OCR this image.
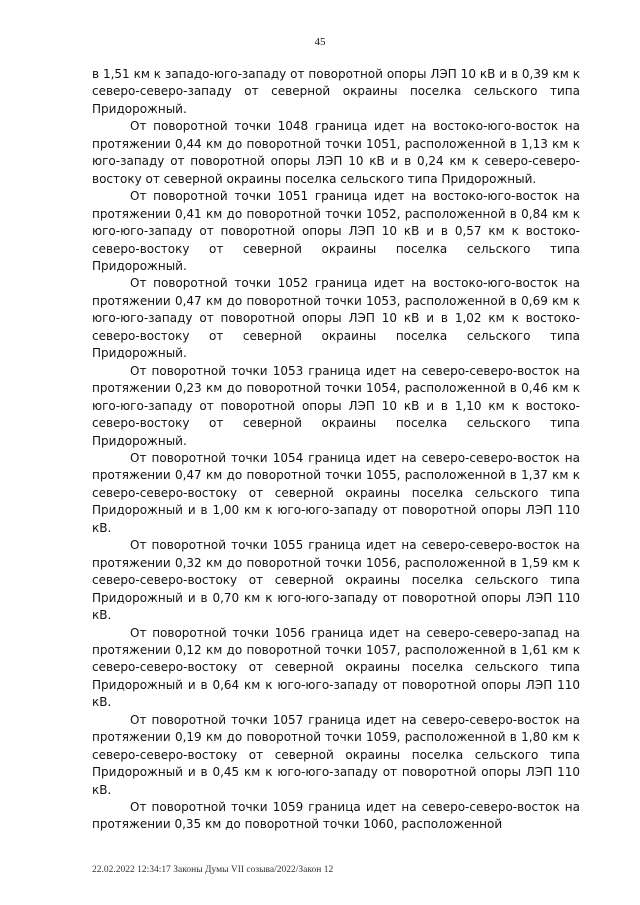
45

в 1,51 км к западо-юго-западу от поворотной опоры ЛЭП 10 кВ и в 0,39 км к северо-северо-западу от северной окраины поселка сельского типа Придорожный.

От поворотной точки 1048 граница идет на востоко-юго-восток на протяжении 0,44 км до поворотной точки 1051, расположенной в 1,13 км к юго-западу от поворотной опоры ЛЭП 10 кВ и в 0,24 км к северо-северо-востоку от северной окраины поселка сельского типа Придорожный.

От поворотной точки 1051 граница идет на востоко-юго-восток на протяжении 0,41 км до поворотной точки 1052, расположенной в 0,84 км к юго-юго-западу от поворотной опоры ЛЭП 10 кВ и в 0,57 км к востоко-северо-востоку от северной окраины поселка сельского типа Придорожный.

От поворотной точки 1052 граница идет на востоко-юго-восток на протяжении 0,47 км до поворотной точки 1053, расположенной в 0,69 км к юго-юго-западу от поворотной опоры ЛЭП 10 кВ и в 1,02 км к востоко-северо-востоку от северной окраины поселка сельского типа Придорожный.

От поворотной точки 1053 граница идет на северо-северо-восток на протяжении 0,23 км до поворотной точки 1054, расположенной в 0,46 км к юго-юго-западу от поворотной опоры ЛЭП 10 кВ и в 1,10 км к востоко-северо-востоку от северной окраины поселка сельского типа Придорожный.

От поворотной точки 1054 граница идет на северо-северо-восток на протяжении 0,47 км до поворотной точки 1055, расположенной в 1,37 км к северо-северо-востоку от северной окраины поселка сельского типа Придорожный и в 1,00 км к юго-юго-западу от поворотной опоры ЛЭП 110 кВ.

От поворотной точки 1055 граница идет на северо-северо-восток на протяжении 0,32 км до поворотной точки 1056, расположенной в 1,59 км к северо-северо-востоку от северной окраины поселка сельского типа Придорожный и в 0,70 км к юго-юго-западу от поворотной опоры ЛЭП 110 кВ.

От поворотной точки 1056 граница идет на северо-северо-запад на протяжении 0,12 км до поворотной точки 1057, расположенной в 1,61 км к северо-северо-востоку от северной окраины поселка сельского типа Придорожный и в 0,64 км к юго-юго-западу от поворотной опоры ЛЭП 110 кВ.

От поворотной точки 1057 граница идет на северо-северо-восток на протяжении 0,19 км до поворотной точки 1059, расположенной в 1,80 км к северо-северо-востоку от северной окраины поселка сельского типа Придорожный и в 0,45 км к юго-юго-западу от поворотной опоры ЛЭП 110 кВ.

От поворотной точки 1059 граница идет на северо-северо-восток на протяжении 0,35 км до поворотной точки 1060, расположенной

22.02.2022 12:34:17 Законы Думы VII созыва/2022/Закон 12
